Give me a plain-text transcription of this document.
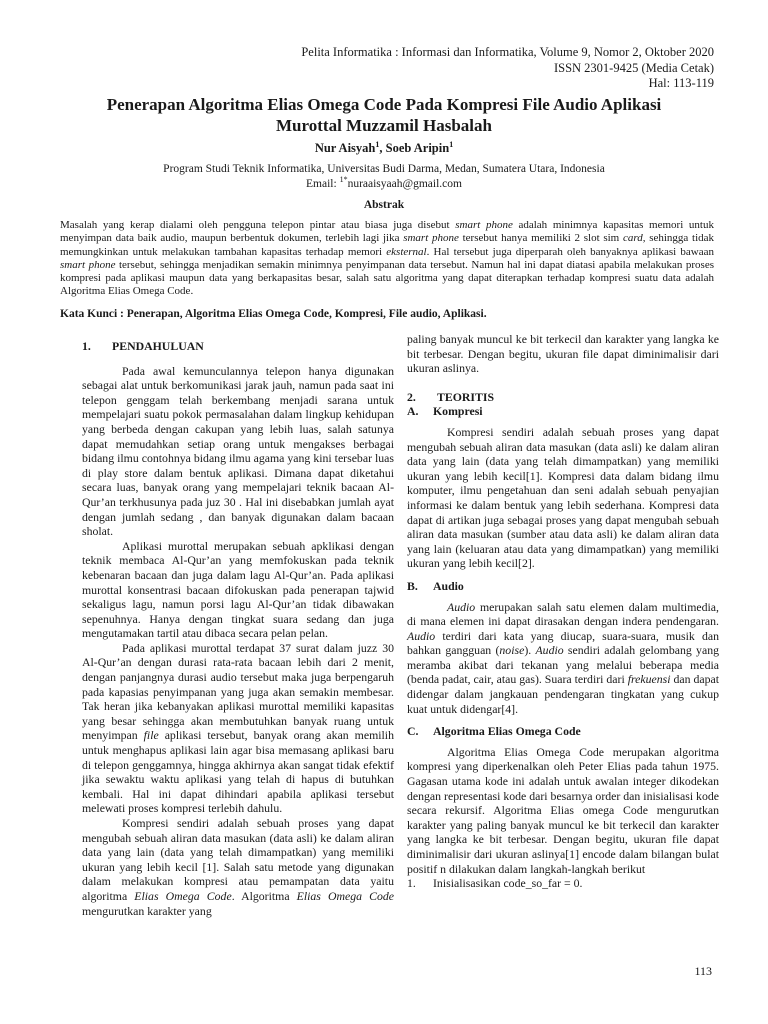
Pelita Informatika : Informasi dan Informatika, Volume 9, Nomor 2, Oktober 2020
ISSN 2301-9425 (Media Cetak)
Hal: 113-119
Penerapan Algoritma Elias Omega Code Pada Kompresi File Audio Aplikasi
Murottal Muzzamil Hasbalah
Nur Aisyah$^1$, Soeb Aripin$^1$
Program Studi Teknik Informatika, Universitas Budi Darma, Medan, Sumatera Utara, Indonesia
Email: $^{1*}$nuraaisyaah@gmail.com
Abstrak
Masalah yang kerap dialami oleh pengguna telepon pintar atau biasa juga disebut smart phone adalah minimnya kapasitas memori untuk menyimpan data baik audio, maupun berbentuk dokumen, terlebih lagi jika smart phone tersebut hanya memiliki 2 slot sim card, sehingga tidak memungkinkan untuk melakukan tambahan kapasitas terhadap memori eksternal. Hal tersebut juga diperparah oleh banyaknya aplikasi bawaan smart phone tersebut, sehingga menjadikan semakin minimnya penyimpanan data tersebut. Namun hal ini dapat diatasi apabila melakukan proses kompresi pada aplikasi maupun data yang berkapasitas besar, salah satu algoritma yang dapat diterapkan terhadap kompresi suatu data adalah Algoritma Elias Omega Code.
Kata Kunci : Penerapan, Algoritma Elias Omega Code, Kompresi, File audio, Aplikasi.
1.	PENDAHULUAN

Pada awal kemunculannya telepon hanya digunakan sebagai alat untuk berkomunikasi jarak jauh, namun pada saat ini telepon genggam telah berkembang menjadi sarana untuk mempelajari suatu pokok permasalahan dalam lingkup kehidupan yang berbeda dengan cakupan yang lebih luas, salah satunya dapat memudahkan setiap orang untuk mengakses berbagai bidang ilmu contohnya bidang ilmu agama yang kini tersebar luas di play store dalam bentuk aplikasi. Dimana dapat diketahui secara luas, banyak orang yang mempelajari teknik bacaan Al- Qur’an terkhusunya pada juz 30 . Hal ini disebabkan jumlah ayat dengan jumlah sedang , dan banyak digunakan dalam bacaan sholat.

Aplikasi murottal merupakan sebuah apklikasi dengan teknik membaca Al-Qur’an yang memfokuskan pada teknik kebenaran bacaan dan juga dalam lagu Al-Qur’an. Pada aplikasi murottal konsentrasi bacaan difokuskan pada penerapan tajwid sekaligus lagu, namun porsi lagu Al-Qur’an tidak dibawakan sepenuhnya. Hanya dengan tingkat suara sedang dan juga mengutamakan tartil atau dibaca secara pelan pelan.

Pada aplikasi murottal terdapat 37 surat dalam juzz 30 Al-Qur’an dengan durasi rata-rata bacaan lebih dari 2 menit, dengan panjangnya durasi audio tersebut maka juga berpengaruh pada kapasias penyimpanan yang juga akan semakin membesar. Tak heran jika kebanyakan aplikasi murottal memiliki kapasitas yang besar sehingga akan membutuhkan banyak ruang untuk menyimpan file aplikasi tersebut, banyak orang akan memilih untuk menghapus aplikasi lain agar bisa memasang aplikasi baru di telepon genggamnya, hingga akhirnya akan sangat tidak efektif jika sewaktu waktu aplikasi yang telah di hapus di butuhkan kembali. Hal ini dapat dihindari apabila aplikasi tersebut melewati proses kompresi terlebih dahulu.

Kompresi sendiri adalah sebuah proses yang dapat mengubah sebuah aliran data masukan (data asli) ke dalam aliran data yang lain (data yang telah dimampatkan) yang memiliki ukuran yang lebih kecil [1]. Salah satu metode yang digunakan dalam melakukan kompresi atau pemampatan data yaitu algoritma Elias Omega Code. Algoritma Elias Omega Code mengurutkan karakter yang

paling banyak muncul ke bit terkecil dan karakter yang langka ke bit terbesar. Dengan begitu, ukuran file dapat diminimalisir dari ukuran aslinya.

2.	TEORITIS
A.	Kompresi

Kompresi sendiri adalah sebuah proses yang dapat mengubah sebuah aliran data masukan (data asli) ke dalam aliran data yang lain (data yang telah dimampatkan) yang memiliki ukuran yang lebih kecil[1]. Kompresi data dalam bidang ilmu komputer, ilmu pengetahuan dan seni adalah sebuah penyajian informasi ke dalam bentuk yang lebih sederhana. Kompresi data dapat di artikan juga sebagai proses yang dapat mengubah sebuah aliran data masukan (sumber atau data asli) ke dalam aliran data yang lain (keluaran atau data yang dimampatkan) yang memiliki ukuran yang lebih kecil[2].

B.	Audio

Audio merupakan salah satu elemen dalam multimedia, di mana elemen ini dapat dirasakan dengan indera pendengaran. Audio terdiri dari kata yang diucap, suara-suara, musik dan bahkan gangguan (noise). Audio sendiri adalah gelombang yang meramba akibat dari tekanan yang melalui beberapa media (benda padat, cair, atau gas). Suara terdiri dari frekuensi dan dapat didengar dalam jangkauan pendengaran tingkatan yang cukup kuat untuk didengar[4].

C.	Algoritma Elias Omega Code

Algoritma Elias Omega Code merupakan algoritma kompresi yang diperkenalkan oleh Peter Elias pada tahun 1975. Gagasan utama kode ini adalah untuk awalan integer dikodekan dengan representasi kode dari besarnya order dan inisialisasi kode secara rekursif. Algoritma Elias omega Code mengurutkan karakter yang paling banyak muncul ke bit terkecil dan karakter yang langka ke bit terbesar. Dengan begitu, ukuran file dapat diminimalisir dari ukuran aslinya[1] encode dalam bilangan bulat positif n dilakukan dalam langkah-langkah berikut

1.	Inisialisasikan code_so_far = 0.
113
